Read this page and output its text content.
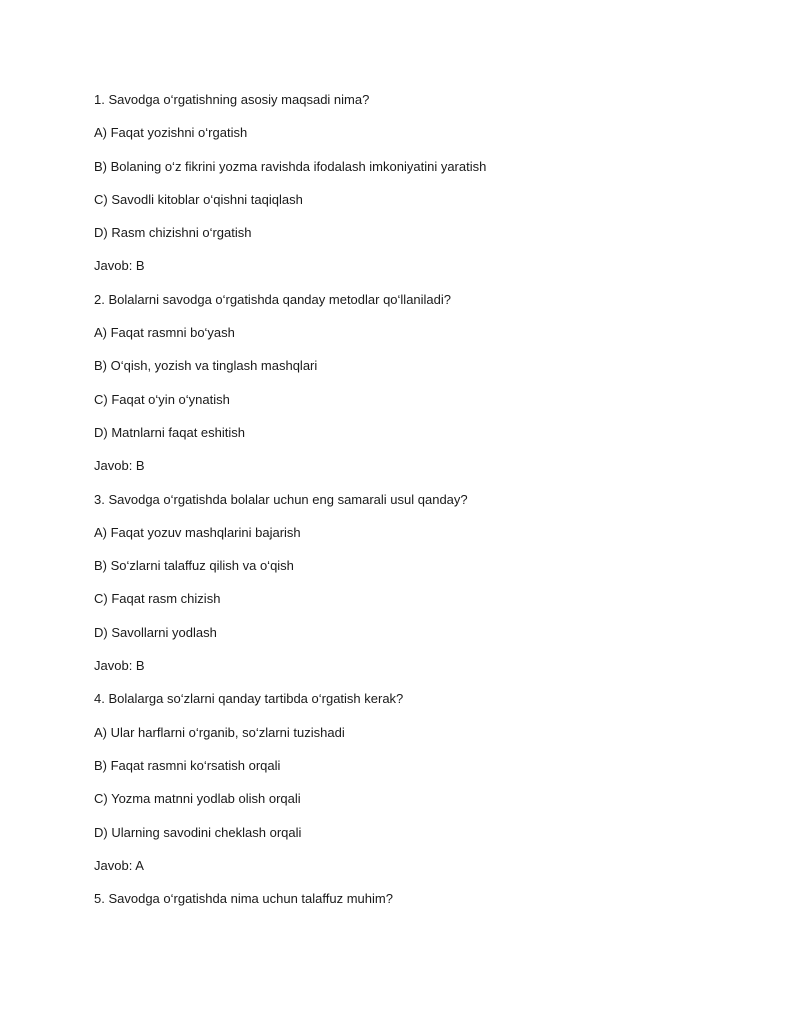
1. Savodga o‘rgatishning asosiy maqsadi nima?
A) Faqat yozishni o‘rgatish
B) Bolaning o‘z fikrini yozma ravishda ifodalash imkoniyatini yaratish
C) Savodli kitoblar o‘qishni taqiqlash
D) Rasm chizishni o‘rgatish
Javob: B
2. Bolalarni savodga o‘rgatishda qanday metodlar qo‘llaniladi?
A) Faqat rasmni bo‘yash
B) O‘qish, yozish va tinglash mashqlari
C) Faqat o‘yin o‘ynatish
D) Matnlarni faqat eshitish
Javob: B
3. Savodga o‘rgatishda bolalar uchun eng samarali usul qanday?
A) Faqat yozuv mashqlarini bajarish
B) So‘zlarni talaffuz qilish va o‘qish
C) Faqat rasm chizish
D) Savollarni yodlash
Javob: B
4. Bolalarga so‘zlarni qanday tartibda o‘rgatish kerak?
A) Ular harflarni o‘rganib, so‘zlarni tuzishadi
B) Faqat rasmni ko‘rsatish orqali
C) Yozma matnni yodlab olish orqali
D) Ularning savodini cheklash orqali
Javob: A
5. Savodga o‘rgatishda nima uchun talaffuz muhim?
